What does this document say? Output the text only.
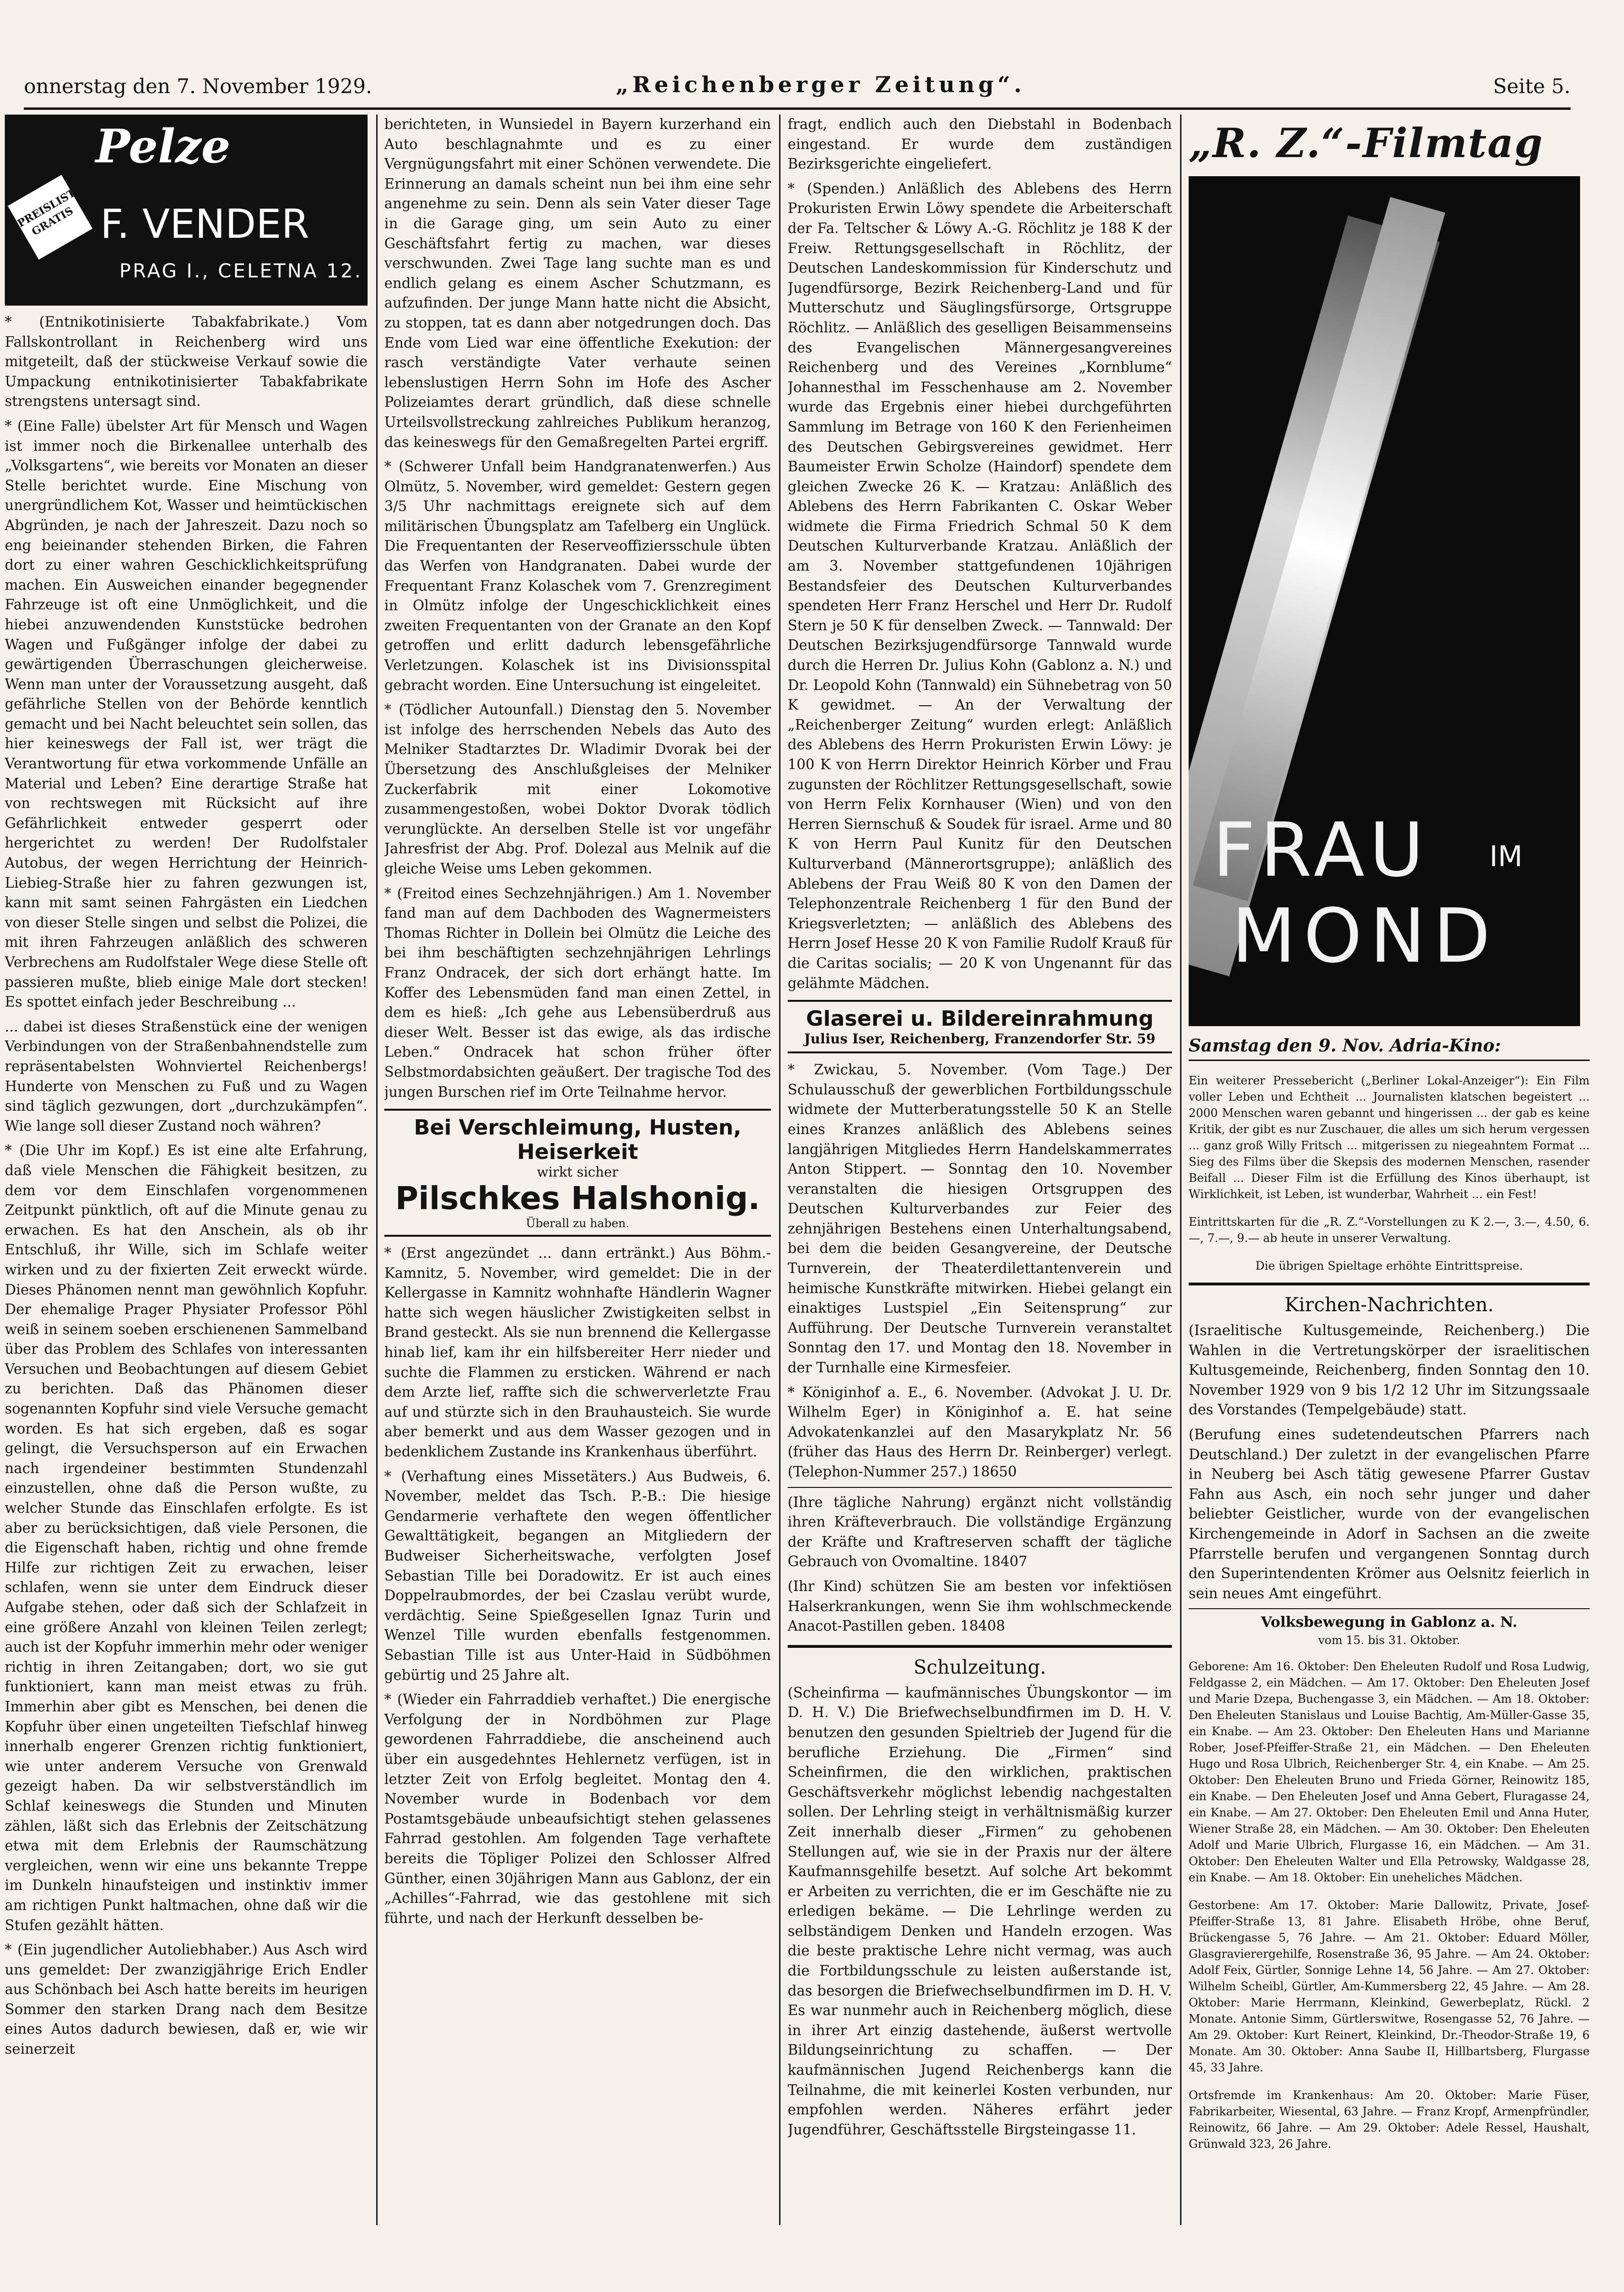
onnerstag den 7. November 1929.	„Reichenberger Zeitung“.	Seite 5.
Pelze
PREISLISTE GRATIS F. VENDER
PRAG I., CELETNA 12.

* (Entnikotinisierte Tabakfabrikate.) Vom Fallskontrollant in Reichenberg wird uns mitgeteilt, daß der stückweise Verkauf sowie die Umpackung entnikotinisierter Tabakfabrikate strengstens untersagt sind.

* (Eine Falle) übelster Art für Mensch und Wagen ist immer noch die Birkenallee unterhalb des „Volksgartens“, wie bereits vor Monaten an dieser Stelle berichtet wurde. Eine Mischung von unergründlichem Kot, Wasser und heimtückischen Abgründen, je nach der Jahreszeit. Dazu noch so eng beieinander stehenden Birken, die Fahren dort zu einer wahren Geschicklichkeitsprüfung machen. Ein Ausweichen einander begegnender Fahrzeuge ist oft eine Unmöglichkeit, und die hiebei anzuwendenden Kunststücke bedrohen Wagen und Fußgänger infolge der dabei zu gewärtigenden Überraschungen gleicherweise. Wenn man unter der Voraussetzung ausgeht, daß gefährliche Stellen von der Behörde kenntlich gemacht und bei Nacht beleuchtet sein sollen, das hier keineswegs der Fall ist, wer trägt die Verantwortung für etwa vorkommende Unfälle an Material und Leben? Eine derartige Straße hat von rechtswegen mit Rücksicht auf ihre Gefährlichkeit entweder gesperrt oder hergerichtet zu werden! Der Rudolfstaler Autobus, der wegen Herrichtung der Heinrich-Liebieg-Straße hier zu fahren gezwungen ist, kann mit samt seinen Fahrgästen ein Liedchen von dieser Stelle singen und selbst die Polizei, die mit ihren Fahrzeugen anläßlich des schweren Verbrechens am Rudolfstaler Wege diese Stelle oft passieren mußte, blieb einige Male dort stecken! Es spottet einfach jeder Beschreibung ...

... dabei ist dieses Straßenstück eine der wenigen Verbindungen von der Straßenbahnendstelle zum repräsentabelsten Wohnviertel Reichenbergs! Hunderte von Menschen zu Fuß und zu Wagen sind täglich gezwungen, dort „durchzukämpfen“. Wie lange soll dieser Zustand noch währen?

* (Die Uhr im Kopf.) Es ist eine alte Erfahrung, daß viele Menschen die Fähigkeit besitzen, zu dem vor dem Einschlafen vorgenommenen Zeitpunkt pünktlich, oft auf die Minute genau zu erwachen. Es hat den Anschein, als ob ihr Entschluß, ihr Wille, sich im Schlafe weiter wirken und zu der fixierten Zeit erweckt würde. Dieses Phänomen nennt man gewöhnlich Kopfuhr. Der ehemalige Prager Physiater Professor Pöhl weiß in seinem soeben erschienenen Sammelband über das Problem des Schlafes von interessanten Versuchen und Beobachtungen auf diesem Gebiet zu berichten. Daß das Phänomen dieser sogenannten Kopfuhr sind viele Versuche gemacht worden. Es hat sich ergeben, daß es sogar gelingt, die Versuchsperson auf ein Erwachen nach irgendeiner bestimmten Stundenzahl einzustellen, ohne daß die Person wußte, zu welcher Stunde das Einschlafen erfolgte. Es ist aber zu berücksichtigen, daß viele Personen, die die Eigenschaft haben, richtig und ohne fremde Hilfe zur richtigen Zeit zu erwachen, leiser schlafen, wenn sie unter dem Eindruck dieser Aufgabe stehen, oder daß sich der Schlafzeit in eine größere Anzahl von kleinen Teilen zerlegt; auch ist der Kopfuhr immerhin mehr oder weniger richtig in ihren Zeitangaben; dort, wo sie gut funktioniert, kann man meist etwas zu früh. Immerhin aber gibt es Menschen, bei denen die Kopfuhr über einen ungeteilten Tiefschlaf hinweg innerhalb engerer Grenzen richtig funktioniert, wie unter anderem Versuche von Grenwald gezeigt haben. Da wir selbstverständlich im Schlaf keineswegs die Stunden und Minuten zählen, läßt sich das Erlebnis der Zeitschätzung etwa mit dem Erlebnis der Raumschätzung vergleichen, wenn wir eine uns bekannte Treppe im Dunkeln hinaufsteigen und instinktiv immer am richtigen Punkt haltmachen, ohne daß wir die Stufen gezählt hätten.

* (Ein jugendlicher Autoliebhaber.) Aus Asch wird uns gemeldet: Der zwanzigjährige Erich Endler aus Schönbach bei Asch hatte bereits im heurigen Sommer den starken Drang nach dem Besitze eines Autos dadurch bewiesen, daß er, wie wir seinerzeit

berichteten, in Wunsiedel in Bayern kurzerhand ein Auto beschlagnahmte und es zu einer Vergnügungsfahrt mit einer Schönen verwendete. Die Erinnerung an damals scheint nun bei ihm eine sehr angenehme zu sein. Denn als sein Vater dieser Tage in die Garage ging, um sein Auto zu einer Geschäftsfahrt fertig zu machen, war dieses verschwunden. Zwei Tage lang suchte man es und endlich gelang es einem Ascher Schutzmann, es aufzufinden. Der junge Mann hatte nicht die Absicht, zu stoppen, tat es dann aber notgedrungen doch. Das Ende vom Lied war eine öffentliche Exekution: der rasch verständigte Vater verhaute seinen lebenslustigen Herrn Sohn im Hofe des Ascher Polizeiamtes derart gründlich, daß diese schnelle Urteilsvollstreckung zahlreiches Publikum heranzog, das keineswegs für den Gemaßregelten Partei ergriff.

* (Schwerer Unfall beim Handgranatenwerfen.) Aus Olmütz, 5. November, wird gemeldet: Gestern gegen 3/5 Uhr nachmittags ereignete sich auf dem militärischen Übungsplatz am Tafelberg ein Unglück. Die Frequentanten der Reserveoffiziersschule übten das Werfen von Handgranaten. Dabei wurde der Frequentant Franz Kolaschek vom 7. Grenzregiment in Olmütz infolge der Ungeschicklichkeit eines zweiten Frequentanten von der Granate an den Kopf getroffen und erlitt dadurch lebensgefährliche Verletzungen. Kolaschek ist ins Divisionsspital gebracht worden. Eine Untersuchung ist eingeleitet.

* (Tödlicher Autounfall.) Dienstag den 5. November ist infolge des herrschenden Nebels das Auto des Melniker Stadtarztes Dr. Wladimir Dvorak bei der Übersetzung des Anschlußgleises der Melniker Zuckerfabrik mit einer Lokomotive zusammengestoßen, wobei Doktor Dvorak tödlich verunglückte. An derselben Stelle ist vor ungefähr Jahresfrist der Abg. Prof. Dolezal aus Melnik auf die gleiche Weise ums Leben gekommen.

* (Freitod eines Sechzehnjährigen.) Am 1. November fand man auf dem Dachboden des Wagnermeisters Thomas Richter in Dollein bei Olmütz die Leiche des bei ihm beschäftigten sechzehnjährigen Lehrlings Franz Ondracek, der sich dort erhängt hatte. Im Koffer des Lebensmüden fand man einen Zettel, in dem es hieß: „Ich gehe aus Lebensüberdruß aus dieser Welt. Besser ist das ewige, als das irdische Leben.“ Ondracek hat schon früher öfter Selbstmordabsichten geäußert. Der tragische Tod des jungen Burschen rief im Orte Teilnahme hervor.

Bei Verschleimung, Husten, Heiserkeit
wirkt sicher
Pilschkes Halshonig.
Überall zu haben.

* (Erst angezündet ... dann ertränkt.) Aus Böhm.-Kamnitz, 5. November, wird gemeldet: Die in der Kellergasse in Kamnitz wohnhafte Händlerin Wagner hatte sich wegen häuslicher Zwistigkeiten selbst in Brand gesteckt. Als sie nun brennend die Kellergasse hinab lief, kam ihr ein hilfsbereiter Herr nieder und suchte die Flammen zu ersticken. Während er nach dem Arzte lief, raffte sich die schwerverletzte Frau auf und stürzte sich in den Brauhausteich. Sie wurde aber bemerkt und aus dem Wasser gezogen und in bedenklichem Zustande ins Krankenhaus überführt.

* (Verhaftung eines Missetäters.) Aus Budweis, 6. November, meldet das Tsch. P.-B.: Die hiesige Gendarmerie verhaftete den wegen öffentlicher Gewalttätigkeit, begangen an Mitgliedern der Budweiser Sicherheitswache, verfolgten Josef Sebastian Tille bei Doradowitz. Er ist auch eines Doppelraubmordes, der bei Czaslau verübt wurde, verdächtig. Seine Spießgesellen Ignaz Turin und Wenzel Tille wurden ebenfalls festgenommen. Sebastian Tille ist aus Unter-Haid in Südböhmen gebürtig und 25 Jahre alt.

* (Wieder ein Fahrraddieb verhaftet.) Die energische Verfolgung der in Nordböhmen zur Plage gewordenen Fahrraddiebe, die anscheinend auch über ein ausgedehntes Hehlernetz verfügen, ist in letzter Zeit von Erfolg begleitet. Montag den 4. November wurde in Bodenbach vor dem Postamtsgebäude unbeaufsichtigt stehen gelassenes Fahrrad gestohlen. Am folgenden Tage verhaftete bereits die Töpliger Polizei den Schlosser Alfred Günther, einen 30jährigen Mann aus Gablonz, der ein „Achilles“-Fahrrad, wie das gestohlene mit sich führte, und nach der Herkunft desselben be-

fragt, endlich auch den Diebstahl in Bodenbach eingestand. Er wurde dem zuständigen Bezirksgerichte eingeliefert.

* (Spenden.) Anläßlich des Ablebens des Herrn Prokuristen Erwin Löwy spendete die Arbeiterschaft der Fa. Teltscher & Löwy A.-G. Röchlitz je 188 K der Freiw. Rettungsgesellschaft in Röchlitz, der Deutschen Landeskommission für Kinderschutz und Jugendfürsorge, Bezirk Reichenberg-Land und für Mutterschutz und Säuglingsfürsorge, Ortsgruppe Röchlitz. — Anläßlich des geselligen Beisammenseins des Evangelischen Männergesangvereines Reichenberg und des Vereines „Kornblume“ Johannesthal im Fesschenhause am 2. November wurde das Ergebnis einer hiebei durchgeführten Sammlung im Betrage von 160 K den Ferienheimen des Deutschen Gebirgsvereines gewidmet. Herr Baumeister Erwin Scholze (Haindorf) spendete dem gleichen Zwecke 26 K. — Kratzau: Anläßlich des Ablebens des Herrn Fabrikanten C. Oskar Weber widmete die Firma Friedrich Schmal 50 K dem Deutschen Kulturverbande Kratzau. Anläßlich der am 3. November stattgefundenen 10jährigen Bestandsfeier des Deutschen Kulturverbandes spendeten Herr Franz Herschel und Herr Dr. Rudolf Stern je 50 K für denselben Zweck. — Tannwald: Der Deutschen Bezirksjugendfürsorge Tannwald wurde durch die Herren Dr. Julius Kohn (Gablonz a. N.) und Dr. Leopold Kohn (Tannwald) ein Sühnebetrag von 50 K gewidmet. — An der Verwaltung der „Reichenberger Zeitung“ wurden erlegt: Anläßlich des Ablebens des Herrn Prokuristen Erwin Löwy: je 100 K von Herrn Direktor Heinrich Körber und Frau zugunsten der Röchlitzer Rettungsgesellschaft, sowie von Herrn Felix Kornhauser (Wien) und von den Herren Siernschuß & Soudek für israel. Arme und 80 K von Herrn Paul Kunitz für den Deutschen Kulturverband (Männerortsgruppe); anläßlich des Ablebens der Frau Weiß 80 K von den Damen der Telephonzentrale Reichenberg 1 für den Bund der Kriegsverletzten; — anläßlich des Ablebens des Herrn Josef Hesse 20 K von Familie Rudolf Krauß für die Caritas socialis; — 20 K von Ungenannt für das gelähmte Mädchen.

Glaserei u. Bildereinrahmung
Julius Iser, Reichenberg, Franzendorfer Str. 59

* Zwickau, 5. November. (Vom Tage.) Der Schulausschuß der gewerblichen Fortbildungsschule widmete der Mutterberatungsstelle 50 K an Stelle eines Kranzes anläßlich des Ablebens seines langjährigen Mitgliedes Herrn Handelskammerrates Anton Stippert. — Sonntag den 10. November veranstalten die hiesigen Ortsgruppen des Deutschen Kulturverbandes zur Feier des zehnjährigen Bestehens einen Unterhaltungsabend, bei dem die beiden Gesangvereine, der Deutsche Turnverein, der Theaterdilettantenverein und heimische Kunstkräfte mitwirken. Hiebei gelangt ein einaktiges Lustspiel „Ein Seitensprung“ zur Aufführung. Der Deutsche Turnverein veranstaltet Sonntag den 17. und Montag den 18. November in der Turnhalle eine Kirmesfeier.

* Königinhof a. E., 6. November. (Advokat J. U. Dr. Wilhelm Eger) in Königinhof a. E. hat seine Advokatenkanzlei auf den Masarykplatz Nr. 56 (früher das Haus des Herrn Dr. Reinberger) verlegt. (Telephon-Nummer 257.) 18650

(Ihre tägliche Nahrung) ergänzt nicht vollständig ihren Kräfteverbrauch. Die vollständige Ergänzung der Kräfte und Kraftreserven schafft der tägliche Gebrauch von Ovomaltine. 18407

(Ihr Kind) schützen Sie am besten vor infektiösen Halserkrankungen, wenn Sie ihm wohlschmeckende Anacot-Pastillen geben. 18408

Schulzeitung.

(Scheinfirma — kaufmännisches Übungskontor — im D. H. V.) Die Briefwechselbundfirmen im D. H. V. benutzen den gesunden Spieltrieb der Jugend für die berufliche Erziehung. Die „Firmen“ sind Scheinfirmen, die den wirklichen, praktischen Geschäftsverkehr möglichst lebendig nachgestalten sollen. Der Lehrling steigt in verhältnismäßig kurzer Zeit innerhalb dieser „Firmen“ zu gehobenen Stellungen auf, wie sie in der Praxis nur der ältere Kaufmannsgehilfe besetzt. Auf solche Art bekommt er Arbeiten zu verrichten, die er im Geschäfte nie zu erledigen bekäme. — Die Lehrlinge werden zu selbständigem Denken und Handeln erzogen. Was die beste praktische Lehre nicht vermag, was auch die Fortbildungsschule zu leisten außerstande ist, das besorgen die Briefwechselbundfirmen im D. H. V. Es war nunmehr auch in Reichenberg möglich, diese in ihrer Art einzig dastehende, äußerst wertvolle Bildungseinrichtung zu schaffen. — Der kaufmännischen Jugend Reichenbergs kann die Teilnahme, die mit keinerlei Kosten verbunden, nur empfohlen werden. Näheres erfährt jeder Jugendführer, Geschäftsstelle Birgsteingasse 11.

„R. Z.“-Filmtag
FRAU IM
MOND
Samstag den 9. Nov. Adria-Kino:

Ein weiterer Pressebericht („Berliner Lokal-Anzeiger“): Ein Film voller Leben und Echtheit ... Journalisten klatschen begeistert ... 2000 Menschen waren gebannt und hingerissen ... der gab es keine Kritik, der gibt es nur Zuschauer, die alles um sich herum vergessen ... ganz groß Willy Fritsch ... mitgerissen zu niegeahntem Format ... Sieg des Films über die Skepsis des modernen Menschen, rasender Beifall ... Dieser Film ist die Erfüllung des Kinos überhaupt, ist Wirklichkeit, ist Leben, ist wunderbar, Wahrheit ... ein Fest!

Eintrittskarten für die „R. Z.“-Vorstellungen zu K 2.—, 3.—, 4.50, 6.—, 7.—, 9.— ab heute in unserer Verwaltung.

Die übrigen Spieltage erhöhte Eintrittspreise.

Kirchen-Nachrichten.

(Israelitische Kultusgemeinde, Reichenberg.) Die Wahlen in die Vertretungskörper der israelitischen Kultusgemeinde, Reichenberg, finden Sonntag den 10. November 1929 von 9 bis 1/2 12 Uhr im Sitzungssaale des Vorstandes (Tempelgebäude) statt.

(Berufung eines sudetendeutschen Pfarrers nach Deutschland.) Der zuletzt in der evangelischen Pfarre in Neuberg bei Asch tätig gewesene Pfarrer Gustav Fahn aus Asch, ein noch sehr junger und daher beliebter Geistlicher, wurde von der evangelischen Kirchengemeinde in Adorf in Sachsen an die zweite Pfarrstelle berufen und vergangenen Sonntag durch den Superintendenten Krömer aus Oelsnitz feierlich in sein neues Amt eingeführt.

Volksbewegung in Gablonz a. N.
vom 15. bis 31. Oktober.

Geborene: Am 16. Oktober: Den Eheleuten Rudolf und Rosa Ludwig, Feldgasse 2, ein Mädchen. — Am 17. Oktober: Den Eheleuten Josef und Marie Dzepa, Buchengasse 3, ein Mädchen. — Am 18. Oktober: Den Eheleuten Stanislaus und Louise Bachtig, Am-Müller-Gasse 35, ein Knabe. — Am 23. Oktober: Den Eheleuten Hans und Marianne Rober, Josef-Pfeiffer-Straße 21, ein Mädchen. — Den Eheleuten Hugo und Rosa Ulbrich, Reichenberger Str. 4, ein Knabe. — Am 25. Oktober: Den Eheleuten Bruno und Frieda Görner, Reinowitz 185, ein Knabe. — Den Eheleuten Josef und Anna Gebert, Fluragasse 24, ein Knabe. — Am 27. Oktober: Den Eheleuten Emil und Anna Huter, Wiener Straße 28, ein Mädchen. — Am 30. Oktober: Den Eheleuten Adolf und Marie Ulbrich, Flurgasse 16, ein Mädchen. — Am 31. Oktober: Den Eheleuten Walter und Ella Petrowsky, Waldgasse 28, ein Knabe. — Am 18. Oktober: Ein uneheliches Mädchen.

Gestorbene: Am 17. Oktober: Marie Dallowitz, Private, Josef-Pfeiffer-Straße 13, 81 Jahre. Elisabeth Hröbe, ohne Beruf, Brückengasse 5, 76 Jahre. — Am 21. Oktober: Eduard Möller, Glasgravierergehilfe, Rosenstraße 36, 95 Jahre. — Am 24. Oktober: Adolf Feix, Gürtler, Sonnige Lehne 14, 56 Jahre. — Am 27. Oktober: Wilhelm Scheibl, Gürtler, Am-Kummersberg 22, 45 Jahre. — Am 28. Oktober: Marie Herrmann, Kleinkind, Gewerbeplatz, Rückl. 2 Monate. Antonie Simm, Gürtlerswitwe, Rosengasse 52, 76 Jahre. — Am 29. Oktober: Kurt Reinert, Kleinkind, Dr.-Theodor-Straße 19, 6 Monate. Am 30. Oktober: Anna Saube II, Hillbartsberg, Flurgasse 45, 33 Jahre.

Ortsfremde im Krankenhaus: Am 20. Oktober: Marie Füser, Fabrikarbeiter, Wiesental, 63 Jahre. — Franz Kropf, Armenpfründler, Reinowitz, 66 Jahre. — Am 29. Oktober: Adele Ressel, Haushalt, Grünwald 323, 26 Jahre.
